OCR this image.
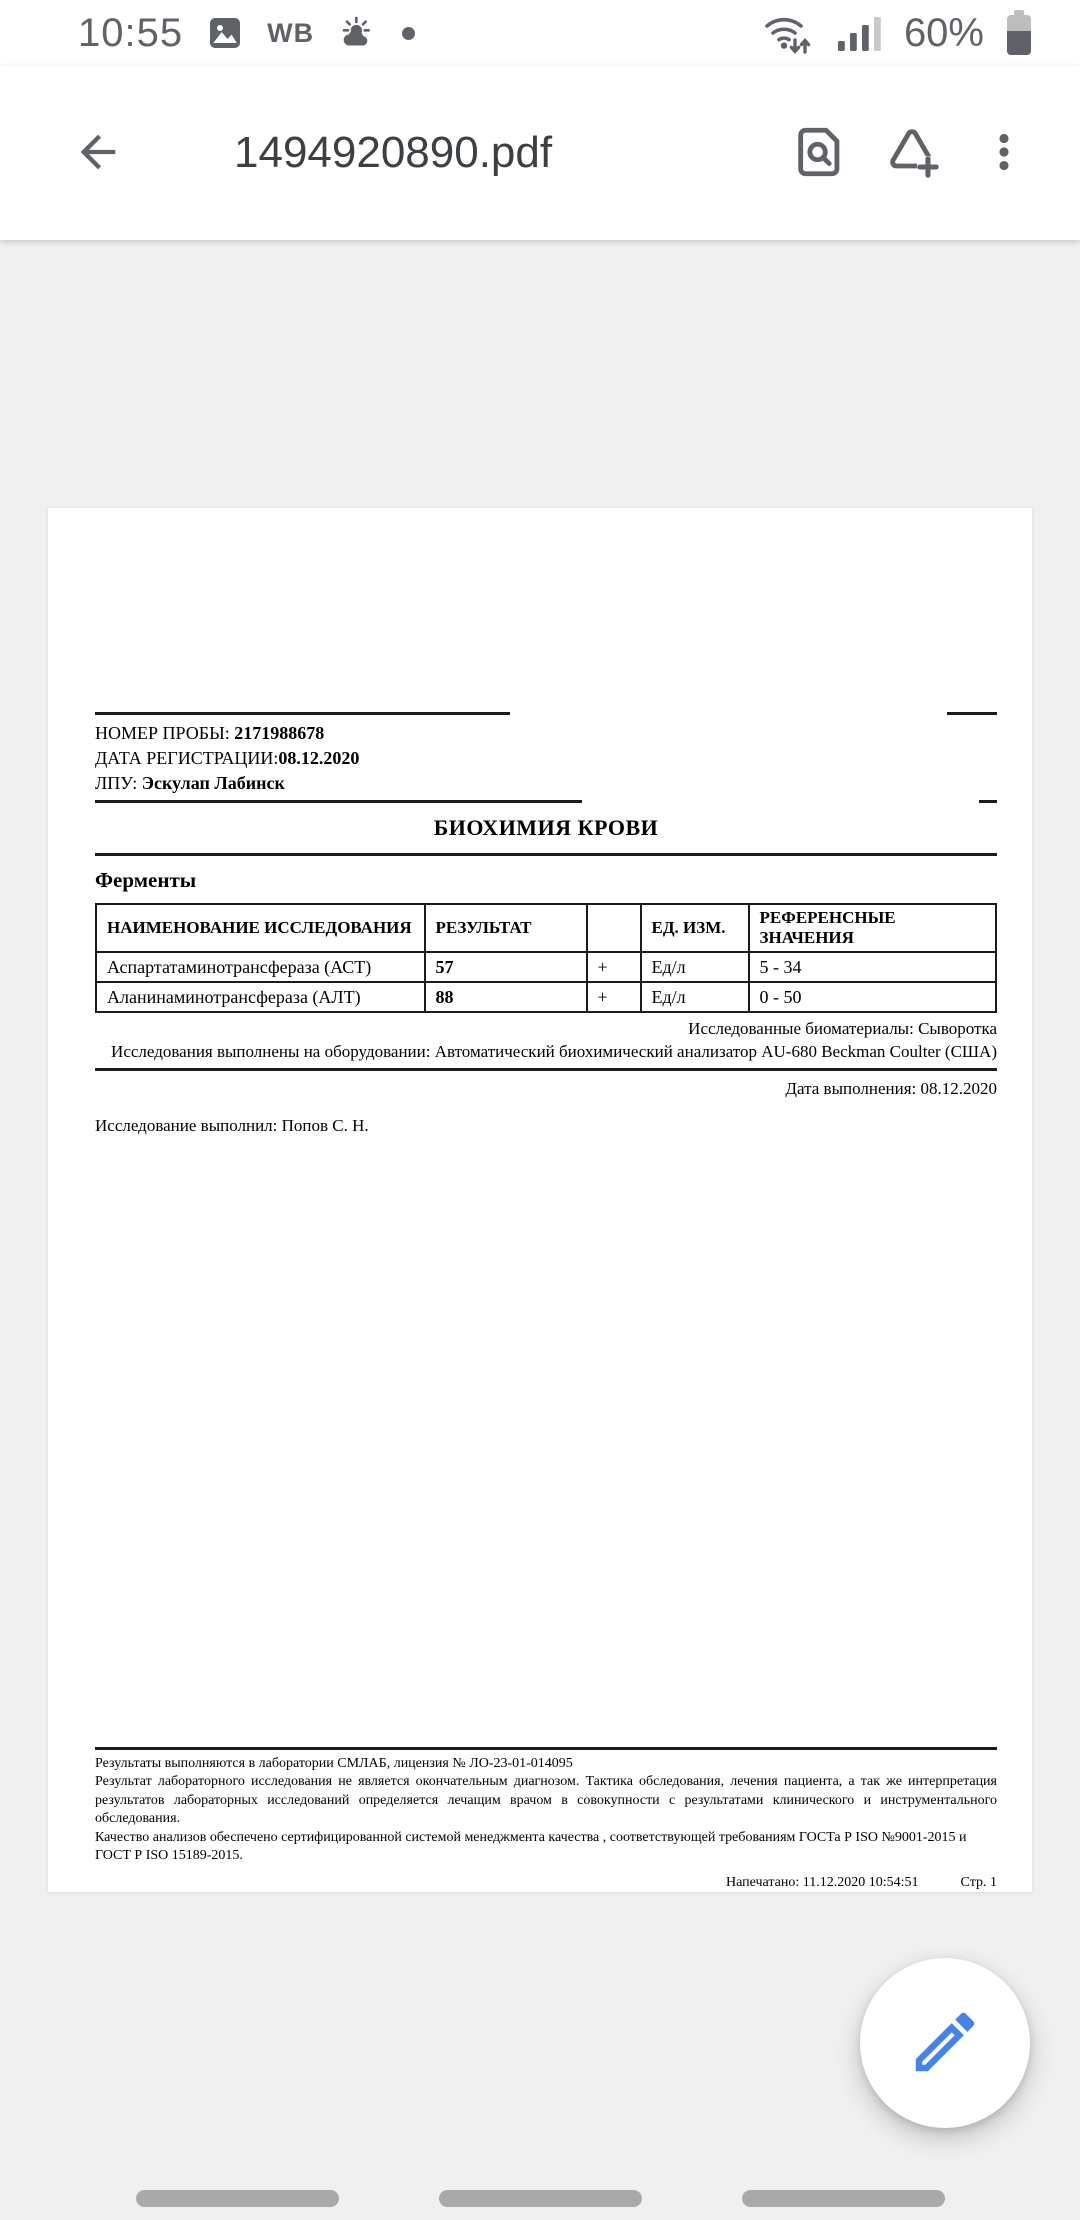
10:55	WB	60%
1494920890.pdf
НОМЕР ПРОБЫ: 2171988678
ДАТА РЕГИСТРАЦИИ:08.12.2020
ЛПУ: Эскулап Лабинск
БИОХИМИЯ КРОВИ
Ферменты
НАИМЕНОВАНИЕ ИССЛЕДОВАНИЯ	РЕЗУЛЬТАТ		ЕД. ИЗМ.	РЕФЕРЕНСНЫЕ ЗНАЧЕНИЯ
Аспартатаминотрансфераза (АСТ)	57	+	Ед/л	5 - 34
Аланинаминотрансфераза (АЛТ)	88	+	Ед/л	0 - 50
Исследованные биоматериалы: Сыворотка
Исследования выполнены на оборудовании: Автоматический биохимический анализатор AU-680 Beckman Coulter (США)
Дата выполнения: 08.12.2020
Исследование выполнил: Попов С. Н.
Результаты выполняются в лаборатории СМЛАБ, лицензия № ЛО-23-01-014095
Результат лабораторного исследования не является окончательным диагнозом. Тактика обследования, лечения пациента, а так же интерпретация результатов лабораторных исследований определяется лечащим врачом в совокупности с результатами клинического и инструментального обследования.
Качество анализов обеспечено сертифицированной системой менеджмента качества , соответствующей требованиям ГОСТа Р ISO №9001-2015 и ГОСТ Р ISO 15189-2015.
Напечатано: 11.12.2020 10:54:51	Стр. 1
